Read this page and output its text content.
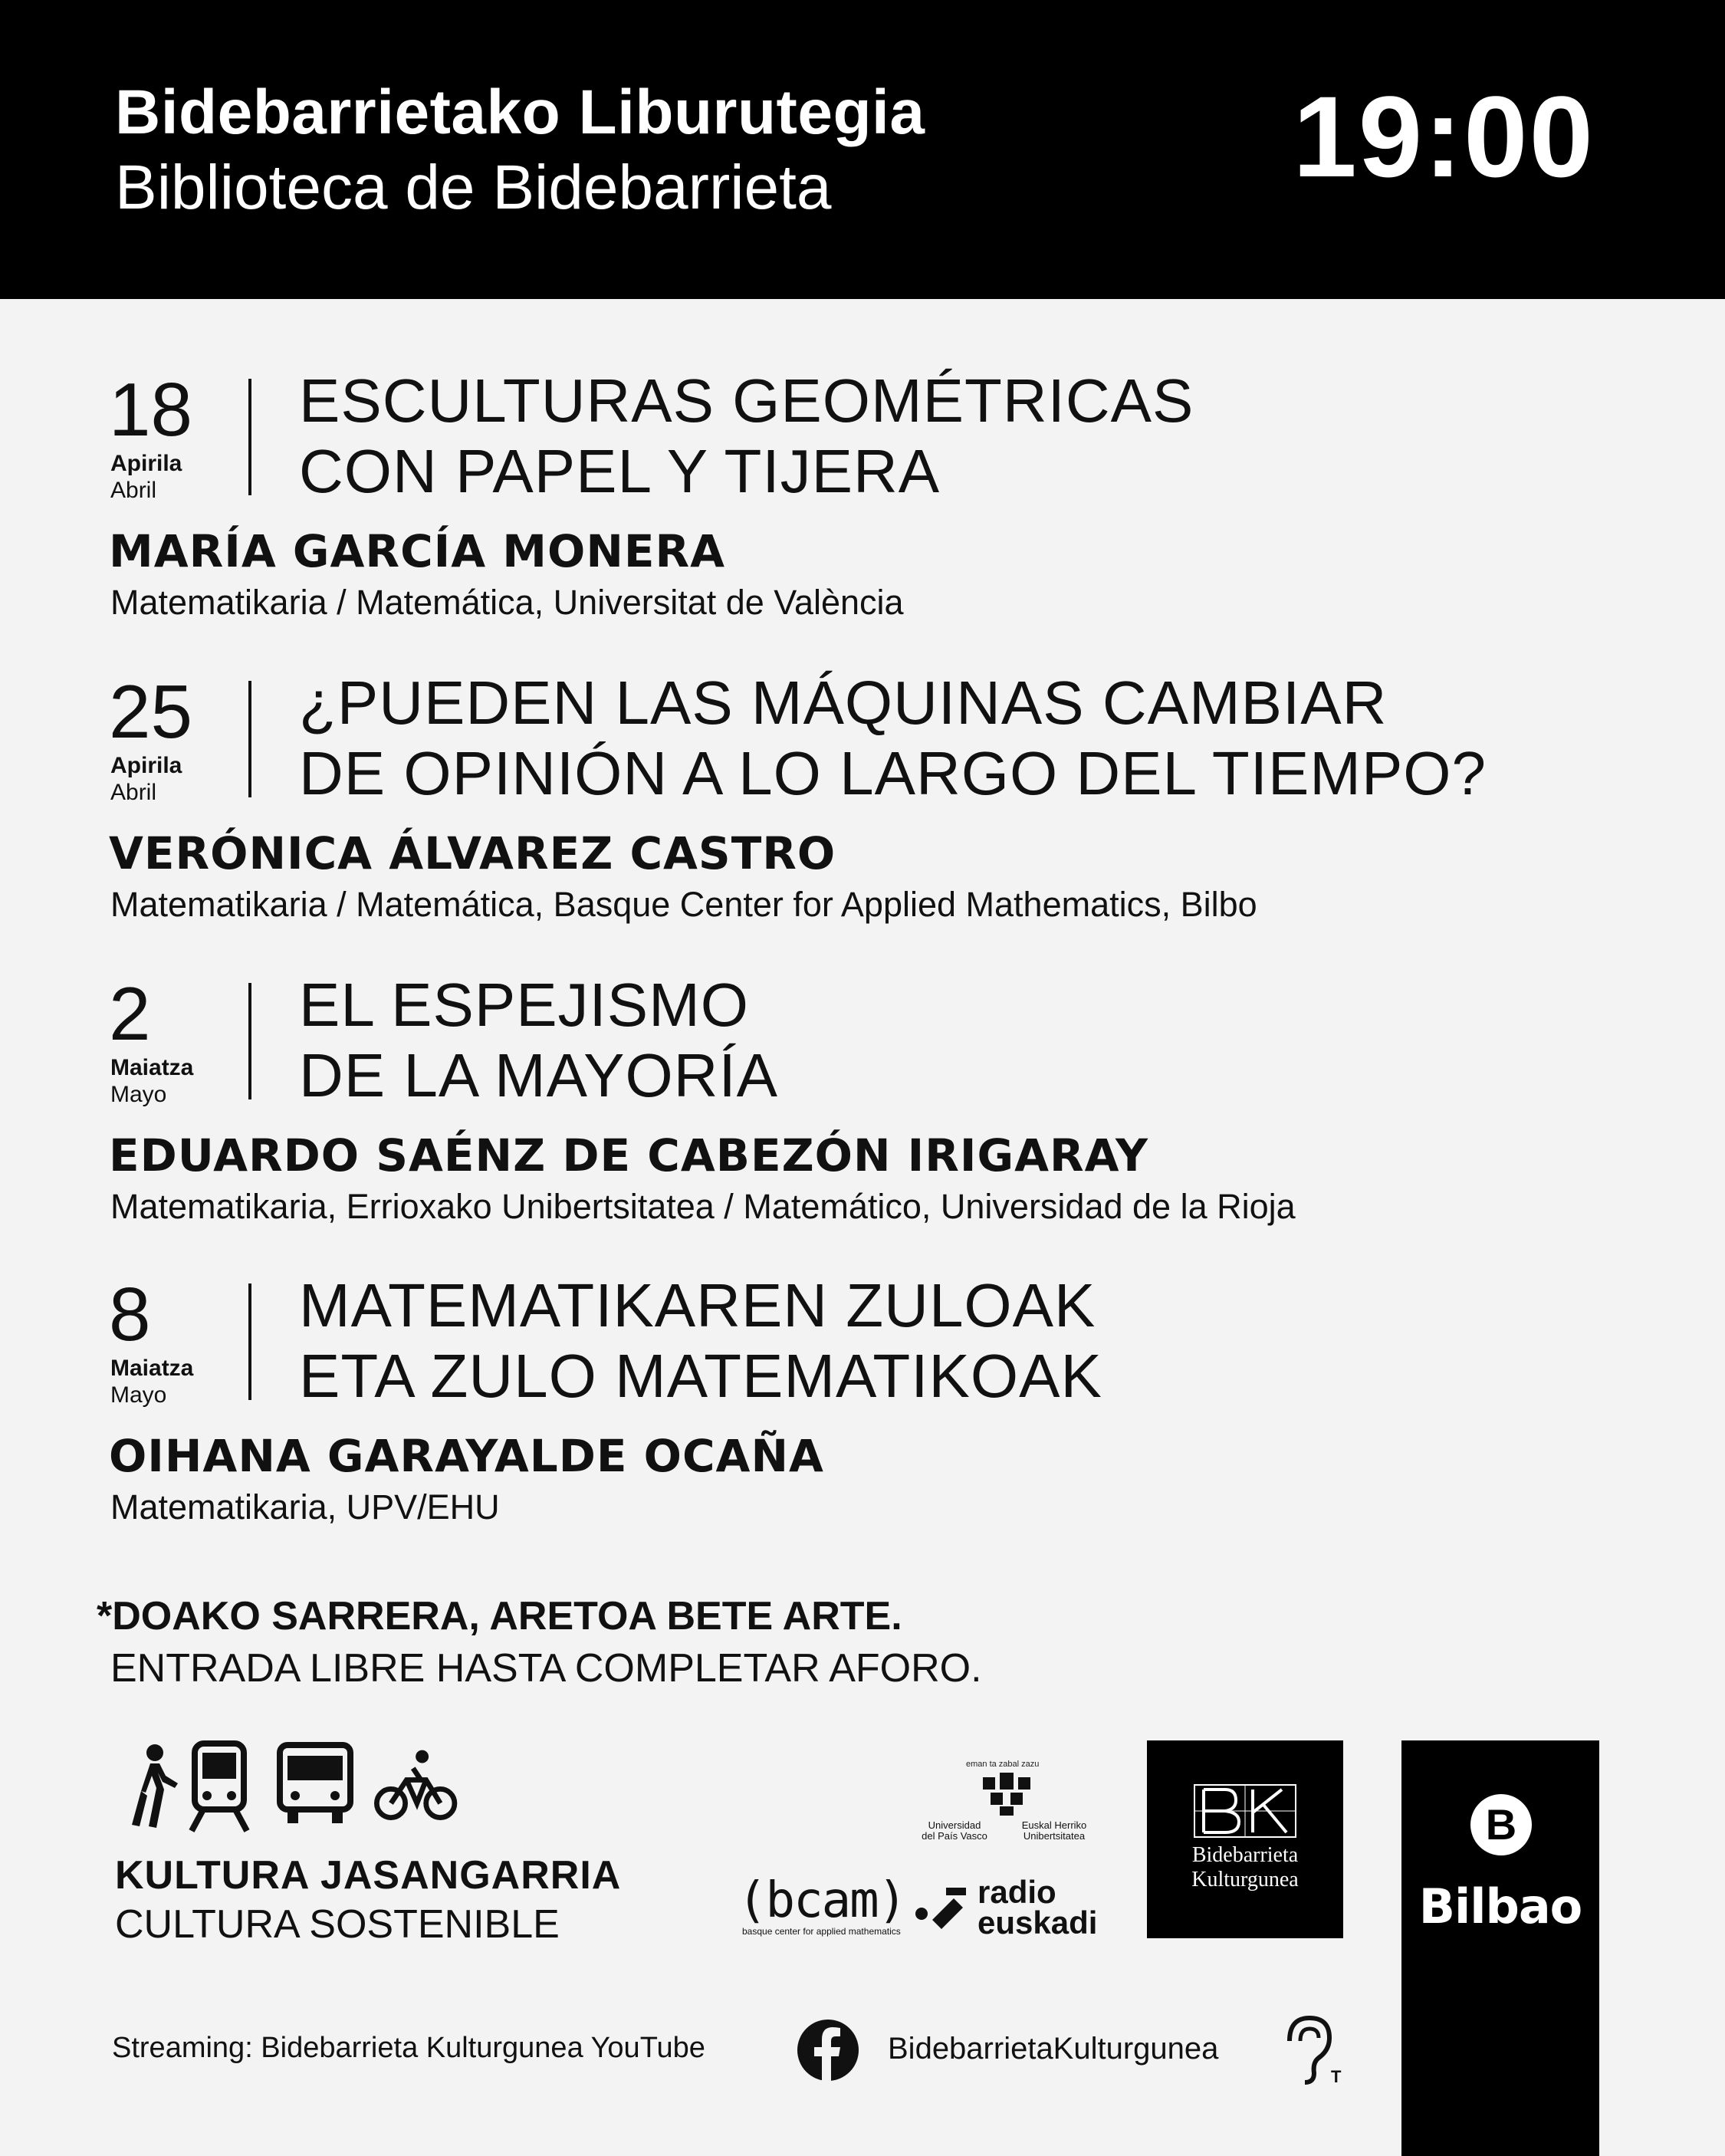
Bidebarrietako Liburutegia
Biblioteca de Bidebarrieta	19:00
18
Apirila
Abril
ESCULTURAS GEOMÉTRICAS
CON PAPEL Y TIJERA
MARÍA GARCÍA MONERA
Matematikaria / Matemática, Universitat de València
25
Apirila
Abril
¿PUEDEN LAS MÁQUINAS CAMBIAR
DE OPINIÓN A LO LARGO DEL TIEMPO?
VERÓNICA ÁLVAREZ CASTRO
Matematikaria / Matemática, Basque Center for Applied Mathematics, Bilbo
2
Maiatza
Mayo
EL ESPEJISMO
DE LA MAYORÍA
EDUARDO SAÉNZ DE CABEZÓN IRIGARAY
Matematikaria, Errioxako Unibertsitatea / Matemático, Universidad de la Rioja
8
Maiatza
Mayo
MATEMATIKAREN ZULOAK
ETA ZULO MATEMATIKOAK
OIHANA GARAYALDE OCAÑA
Matematikaria, UPV/EHU
*DOAKO SARRERA, ARETOA BETE ARTE.
ENTRADA LIBRE HASTA COMPLETAR AFORO.
KULTURA JASANGARRIA
CULTURA SOSTENIBLE
eman ta zabal zazu
Universidad
del País Vasco
Euskal Herriko
Unibertsitatea
(bcam)
basque center for applied mathematics
radio
euskadi
Bidebarrieta
Kulturgunea
B
Bilbao
Streaming: Bidebarrieta Kulturgunea YouTube	BidebarrietaKulturgunea
T
